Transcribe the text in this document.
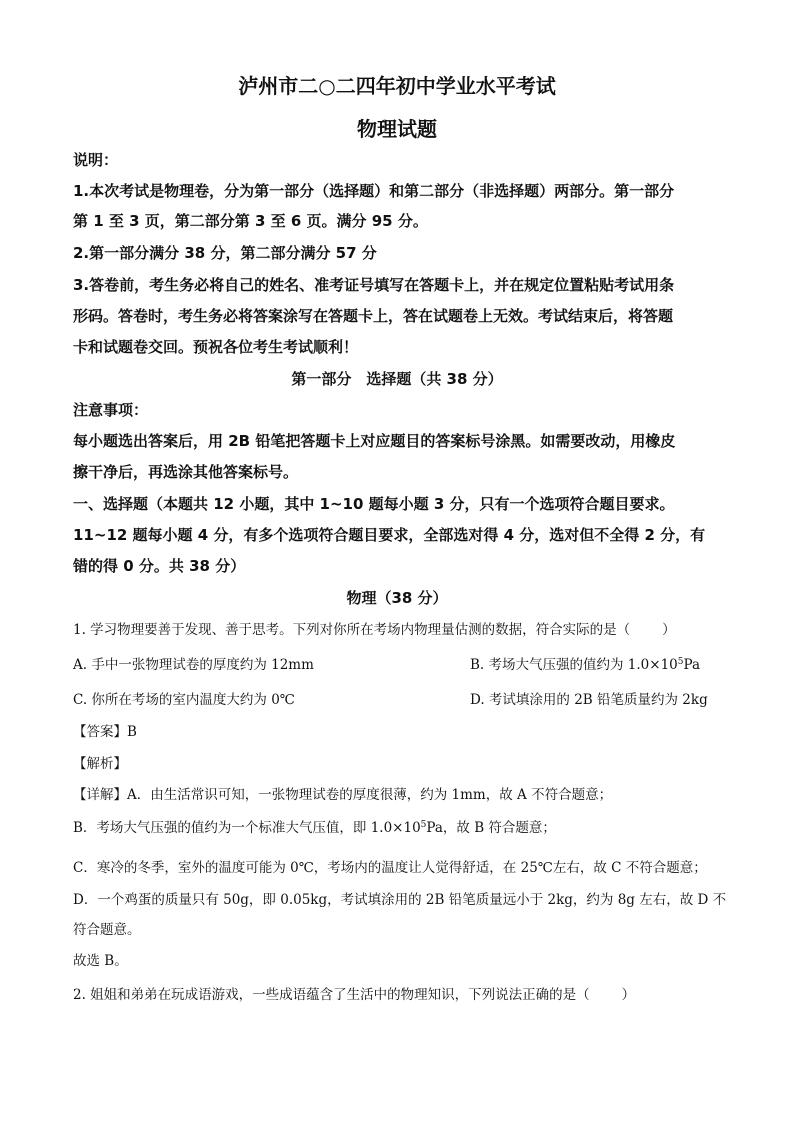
泸州市二○二四年初中学业水平考试
物理试题
说明：
1.本次考试是物理卷，分为第一部分（选择题）和第二部分（非选择题）两部分。第一部分
第 1 至 3 页，第二部分第 3 至 6 页。满分 95 分。
2.第一部分满分 38 分，第二部分满分 57 分
3.答卷前，考生务必将自己的姓名、准考证号填写在答题卡上，并在规定位置粘贴考试用条
形码。答卷时，考生务必将答案涂写在答题卡上，答在试题卷上无效。考试结束后，将答题
卡和试题卷交回。预祝各位考生考试顺利！
第一部分　选择题（共 38 分）
注意事项：
每小题选出答案后，用 2B 铅笔把答题卡上对应题目的答案标号涂黑。如需要改动，用橡皮
擦干净后，再选涂其他答案标号。
一、选择题（本题共 12 小题，其中 1~10 题每小题 3 分，只有一个选项符合题目要求。
11~12 题每小题 4 分，有多个选项符合题目要求，全部选对得 4 分，选对但不全得 2 分，有
错的得 0 分。共 38 分）
物理（38 分）
1. 学习物理要善于发现、善于思考。下列对你所在考场内物理量估测的数据，符合实际的是（ ）
A. 手中一张物理试卷的厚度约为 12mm	B. 考场大气压强的值约为 $1.0\times 10^5Pa$
C. 你所在考场的室内温度大约为 0℃	D. 考试填涂用的 2B 铅笔质量约为 2kg
【答案】B
【解析】
【详解】A．由生活常识可知，一张物理试卷的厚度很薄，约为 1mm，故 A 不符合题意；
B．考场大气压强的值约为一个标准大气压值，即 $1.0\times 10^5Pa$，故 B 符合题意；
C．寒冷的冬季，室外的温度可能为 0℃，考场内的温度让人觉得舒适，在 25℃左右，故 C 不符合题意；
D．一个鸡蛋的质量只有 50g，即 0.05kg，考试填涂用的 2B 铅笔质量远小于 2kg，约为 8g 左右，故 D 不
符合题意。
故选 B。
2. 姐姐和弟弟在玩成语游戏，一些成语蕴含了生活中的物理知识，下列说法正确的是（ ）
